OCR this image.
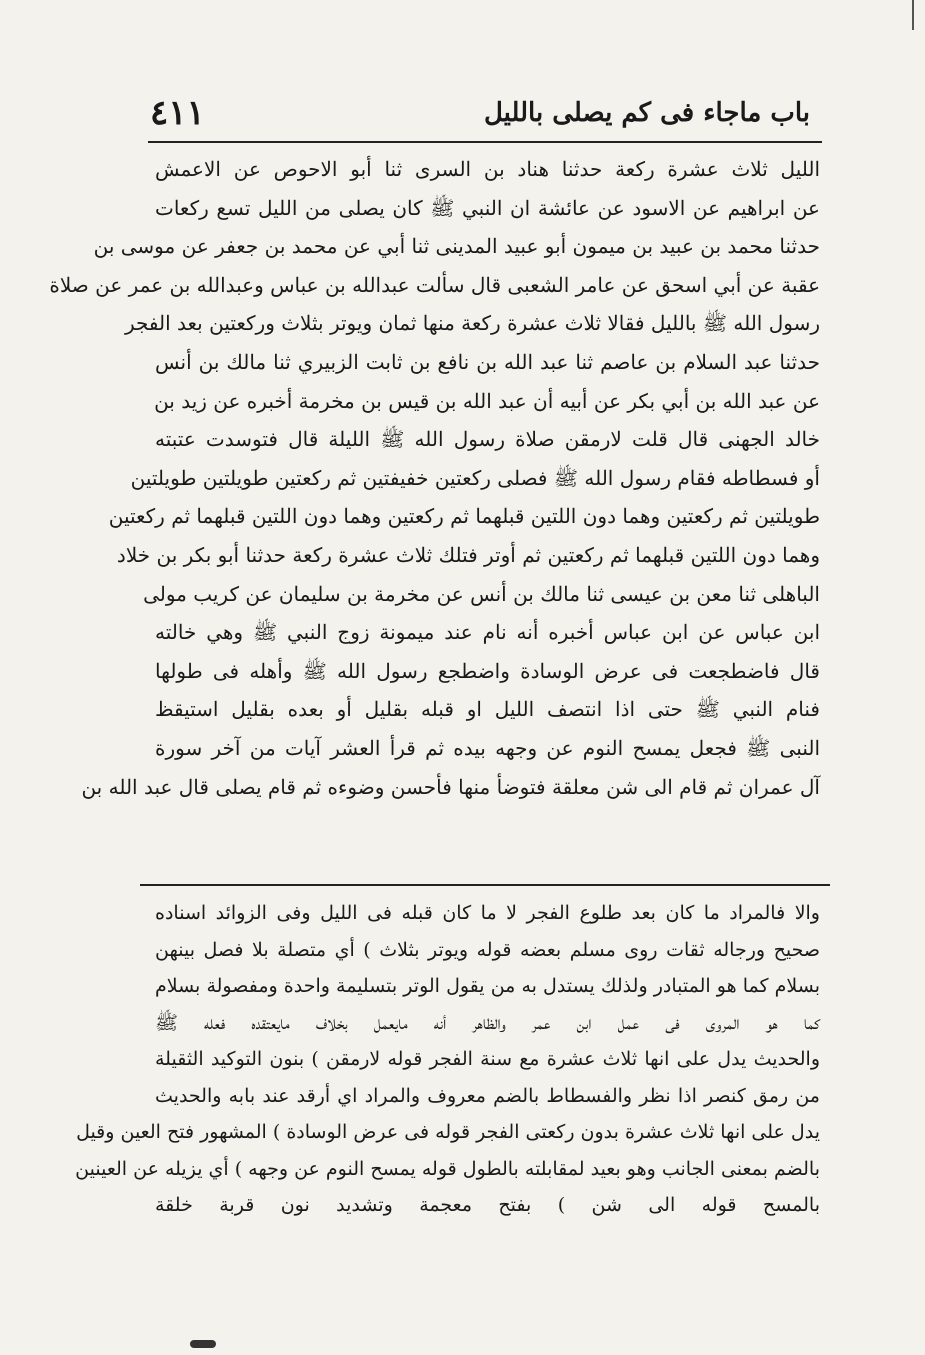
باب ماجاء فى كم يصلى بالليل
٤١١
الليل ثلاث عشرة ركعة حدثنا هناد بن السرى ثنا أبو الاحوص عن الاعمش
عن ابراهيم عن الاسود عن عائشة ان النبي ﷺ كان يصلى من الليل تسع ركعات
حدثنا محمد بن عبيد بن ميمون أبو عبيد المدينى ثنا أبي عن محمد بن جعفر عن موسى بن
عقبة عن أبي اسحق عن عامر الشعبى قال سألت عبدالله بن عباس وعبدالله بن عمر عن صلاة
رسول الله ﷺ بالليل فقالا ثلاث عشرة ركعة منها ثمان ويوتر بثلاث وركعتين بعد الفجر
حدثنا عبد السلام بن عاصم ثنا عبد الله بن نافع بن ثابت الزبيري ثنا مالك بن أنس
عن عبد الله بن أبي بكر عن أبيه أن عبد الله بن قيس بن مخرمة أخبره عن زيد بن
خالد الجهنى قال قلت لارمقن صلاة رسول الله ﷺ الليلة قال فتوسدت عتبته
أو فسطاطه فقام رسول الله ﷺ فصلى ركعتين خفيفتين ثم ركعتين طويلتين طويلتين
طويلتين ثم ركعتين وهما دون اللتين قبلهما ثم ركعتين وهما دون اللتين قبلهما ثم ركعتين
وهما دون اللتين قبلهما ثم ركعتين ثم أوتر فتلك ثلاث عشرة ركعة حدثنا أبو بكر بن خلاد
الباهلى ثنا معن بن عيسى ثنا مالك بن أنس عن مخرمة بن سليمان عن كريب مولى
ابن عباس عن ابن عباس أخبره أنه نام عند ميمونة زوج النبي ﷺ وهي خالته
قال فاضطجعت فى عرض الوسادة واضطجع رسول الله ﷺ وأهله فى طولها
فنام النبي ﷺ حتى اذا انتصف الليل او قبله بقليل أو بعده بقليل استيقظ
النبى ﷺ فجعل يمسح النوم عن وجهه بيده ثم قرأ العشر آيات من آخر سورة
آل عمران ثم قام الى شن معلقة فتوضأ منها فأحسن وضوءه ثم قام يصلى قال عبد الله بن
والا فالمراد ما كان بعد طلوع الفجر لا ما كان قبله فى الليل وفى الزوائد اسناده
صحيح ورجاله ثقات روى مسلم بعضه قوله ويوتر بثلاث ) أي متصلة بلا فصل بينهن
بسلام كما هو المتبادر ولذلك يستدل به من يقول الوتر بتسليمة واحدة ومفصولة بسلام
كما هو المروى فى عمل ابن عمر والظاهر أنه مايعمل بخلاف مايعتقده فعله ﷺ
والحديث يدل على انها ثلاث عشرة مع سنة الفجر قوله لارمقن ) بنون التوكيد الثقيلة
من رمق كنصر اذا نظر والفسطاط بالضم معروف والمراد اي أرقد عند بابه والحديث
يدل على انها ثلاث عشرة بدون ركعتى الفجر قوله فى عرض الوسادة ) المشهور فتح العين وقيل
بالضم بمعنى الجانب وهو بعيد لمقابلته بالطول قوله يمسح النوم عن وجهه ) أي يزيله عن العينين
بالمسح قوله الى شن ) بفتح معجمة وتشديد نون قربة خلقة
